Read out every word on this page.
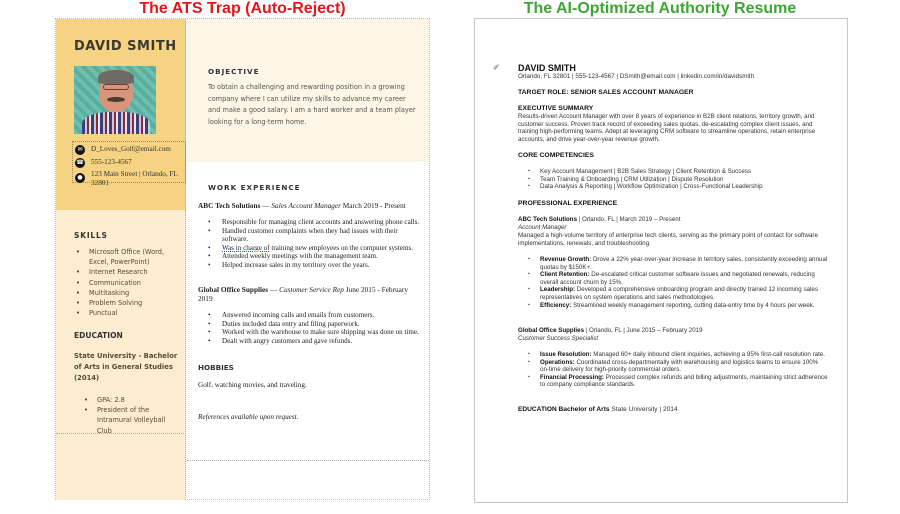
The ATS Trap (Auto-Reject)	The AI-Optimized Authority Resume
DAVID SMITH
✉	D_Loves_Golf@email.com
☎ 555-123-4567
●	123 Main Street | Orlando, FL 32801
SKILLS
• Microsoft Office (Word, Excel, PowerPoint)
• Internet Research
• Communication
• Multitasking
• Problem Solving
• Punctual
EDUCATION
State University - Bachelor of Arts in General Studies (2014)
• GPA: 2.8
• President of the Intramural Volleyball Club
OBJECTIVE
To obtain a challenging and rewarding position in a growing company where I can utilize my skills to advance my career and make a good salary. I am a hard worker and a team player looking for a long-term home.
WORK EXPERIENCE
ABC Tech Solutions — Sales Account Manager March 2019 - Present
• Responsible for managing client accounts and answering phone calls.
• Handled customer complaints when they had issues with their software.
• Was in charge of training new employees on the computer systems.
• Attended weekly meetings with the management team.
• Helped increase sales in my territory over the years.
Global Office Supplies — Customer Service Rep June 2015 - February 2019
• Answered incoming calls and emails from customers.
• Duties included data entry and filing paperwork.
• Worked with the warehouse to make sure shipping was done on time.
• Dealt with angry customers and gave refunds.
HOBBIES
Golf, watching movies, and traveling.
References available upon request.
✐ DAVID SMITH
Orlando, FL 32801 | 555-123-4567 | DSmith@email.com | linkedin.com/in/davidsmith
TARGET ROLE: SENIOR SALES ACCOUNT MANAGER
EXECUTIVE SUMMARY
Results-driven Account Manager with over 8 years of experience in B2B client relations, territory growth, and customer success. Proven track record of exceeding sales quotas, de-escalating complex client issues, and training high-performing teams. Adept at leveraging CRM software to streamline operations, retain enterprise accounts, and drive year-over-year revenue growth.
CORE COMPETENCIES
▪ Key Account Management | B2B Sales Strategy | Client Retention & Success
▪ Team Training & Onboarding | CRM Utilization | Dispute Resolution
▪ Data Analysis & Reporting | Workflow Optimization | Cross-Functional Leadership
PROFESSIONAL EXPERIENCE
ABC Tech Solutions | Orlando, FL | March 2019 – Present
Account Manager
Managed a high-volume territory of enterprise tech clients, serving as the primary point of contact for software implementations, renewals, and troubleshooting.
▪ Revenue Growth: Drove a 22% year-over-year increase in territory sales, consistently exceeding annual quotas by $150K+.
▪ Client Retention: De-escalated critical customer software issues and negotiated renewals, reducing overall account churn by 15%.
▪ Leadership: Developed a comprehensive onboarding program and directly trained 12 incoming sales representatives on system operations and sales methodologies.
▪ Efficiency: Streamlined weekly management reporting, cutting data-entry time by 4 hours per week.
Global Office Supplies | Orlando, FL | June 2015 – February 2019
Customer Success Specialist
▪ Issue Resolution: Managed 60+ daily inbound client inquiries, achieving a 95% first-call resolution rate.
▪ Operations: Coordinated cross-departmentally with warehousing and logistics teams to ensure 100% on-time delivery for high-priority commercial orders.
▪ Financial Processing: Processed complex refunds and billing adjustments, maintaining strict adherence to company compliance standards.
EDUCATION Bachelor of Arts State University | 2014
